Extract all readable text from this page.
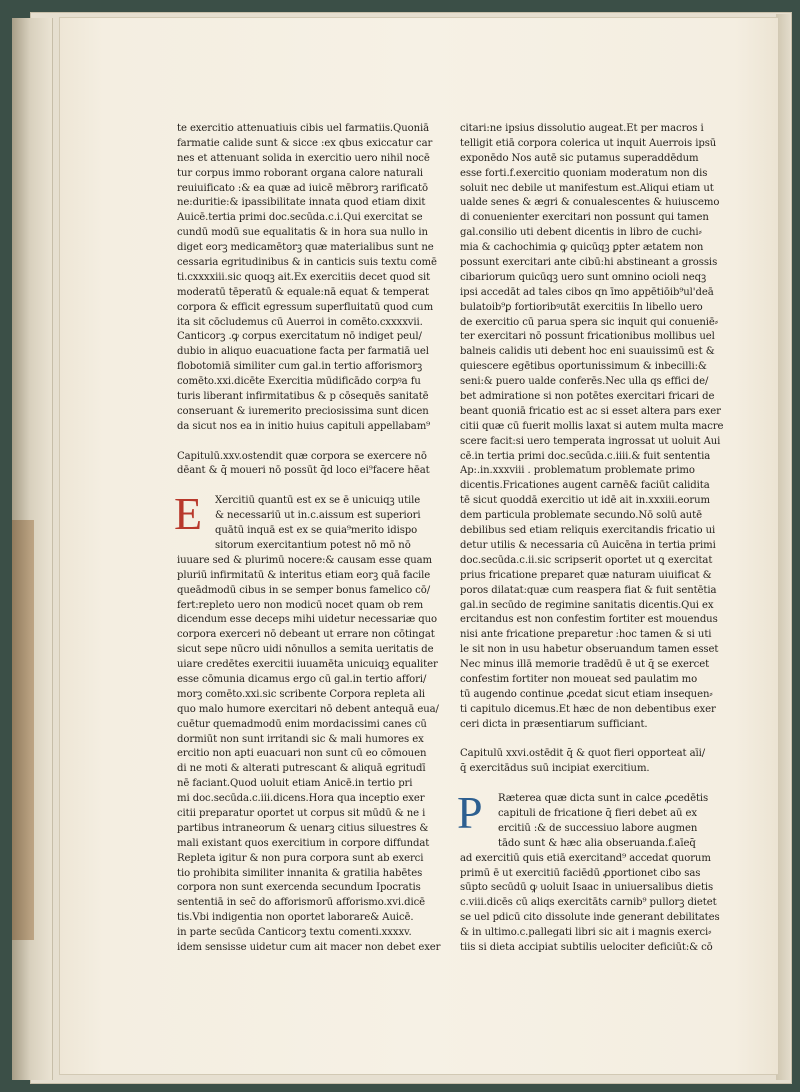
te exercitio attenuatiuis cibis uel farmatiis.Quoniā
farmatie calide sunt & sicce :ex qbus exiccatur car
nes et attenuant̄ solida in exercitio uero nihil nocē
tur corpus immo roborant̄ organa calore naturali
reuiuificato :& ea quæ ad iuicē mēbrorꝫ rarificatō
ne:duritie:& ipassibilitate innata quod etiam dixit
Auicē.tertia primi doc.secūda.c.i.Qui exercitat̄ se
cundū modū sue equalitatis & in hora sua nullo in
diget eorꝫ medicamētorꝫ quæ materialibus sunt ne
cessaria egritudinibus & in canticis suis textu comē
ti.cxxxxiii.sic quoqꝫ ait.Ex exercitiis decet quod sit
moderatū tēperatū & equale:nā equat & temperat
corpora & efficit egressum superfluitatū quod cum
ita sit cōcludemus cū Auerroi in comēto.cxxxxvii.
Canticorꝫ .ꝙ corpus exercitatum nō indiget peul/
dubio in aliquo euacuatione facta per farmatiā uel
flobotomiā similiter cum gal.in tertio afforismorꝫ
comēto.xxi.dicēte Exercitia mūdificādo corpꝰa fu
turis liberant infirmitatibus & p cōsequēs sanitatē
conseruant & iuremerito preciosissima sunt dicen
da sicut nos ea in initio huius capituli appellabam⁹
Capitulū.xxv.ostendit quæ corpora se exercere nō
dēant & q̄ moueri nō possūt q̄d loco ei⁹facere hēat
E	Xercitiū quantū est ex se ē unicuiqꝫ utile
& necessariū ut in.c.aissum est superiori
quātū inquā est ex se quia⁹merito idispo
sitorum exercitantium potest nō mō nō
iuuare sed & plurimū nocere:& causam esse quam
pluriū infirmitatū & interitus etiam eorꝫ quā facile
queādmodū cibus in se semper bonus famelico cō/
fert:repleto uero non modicū nocet quam ob rem
dicendum esse deceps mihi uidetur necessariæ quo
corpora exerceri nō debeant ut errare non cōtingat
sicut sepe nūcro uidi nōnullos a semita ueritatis de
uiare credētes exercitii iuuamēta unicuiqꝫ equaliter
esse cōmunia dicamus ergo cū gal.in tertio affori/
morꝫ comēto.xxi.sic scribente Corpora repleta ali
quo malo humore exercitari nō debent antequā eua/
cuētur quemadmodū enim mordacissimi canes cū
dormiūt non sunt irritandi sic & mali humores ex
ercitio non apti euacuari non sunt cū eo cōmouen
di ne moti & alterati putrescant & aliquā egritudī
nē faciant.Quod uoluit etiam Anicē.in tertio pri
mi doc.secūda.c.iii.dicens.Hora qua inceptio exer
citii preparatur oportet ut corpus sit mūdū & ne i
partibus intraneorum & uenarꝫ citius siluestres &
mali existant quos exercitium in corpore diffundat
Repleta igitur & non pura corpora sunt ab exerci
tio prohibita similiter innanita & gratilia habētes
corpora non sunt exercenda secundum Ipocratis
sententiā in sec̄ do afforismorū afforismo.xvi.dicē
tis.Vbi indigentia non oportet laborare& Auicē.
in parte secūda Canticorꝫ textu comenti.xxxxv.
idem sensisse uidetur cum ait macer non debet exer
citari:ne ipsius dissolutio augeat̄.Et per macros i
telligit etiā corpora colerica ut inquit Auerrois ipsū
exponēdo Nos autē sic putamus superaddēdum
esse forti.f.exercitio quoniam moderatum non dis
soluit nec debile ut manifestum est.Aliqui etiam ut
ualde senes & ægri & conualescentes & huiuscemo
di conuenienter exercitari non possunt qui tamen
gal.consilio uti debent dicentis in libro de cuchi⸗
mia & cachochimia ꝙ quicūqꝫ ꝑpter ætatem non
possunt exercitari ante cibū:hi abstineant a grossis
cibariorum quicūqꝫ uero sunt omnino ocioli neqꝫ
ipsi accedāt ad tales cibos qn īmo appētiōib⁹ul'deā
bulatoib⁹ꝑ fortioribꝰutāt̄ exercitiis In libello uero
de exercitio cū parua spera sic inquit qui conueniē⸗
ter exercitari nō possunt fricationibus mollibus uel
balneis calidis uti debent hoc eni suauissimū est &
quiescere egētibus oportunissimum & inbecilli:&
seni:& puero ualde conferēs.Nec ulla qs effici de/
bet admiratione si non potētes exercitari fricari de
beant quoniā fricatio est ac si esset altera pars exer
citii quæ cū fuerit mollis laxat si autem multa macre
scere facit:si uero temperata ingrossat ut uoluit Aui
cē.in tertia primi doc.secūda.c.iiii.& fuit sententia
Ap:.in.xxxviii . problematum problemate primo
dicentis.Fricationes augent carnē& faciūt calidita
tē sicut quoddā exercitio ut idē ait in.xxxiii.eorum
dem particula problemate secundo.Nō solū autē
debilibus sed etiam reliquis exercitandis fricatio ui
detur utilis & necessaria cū Auicēna in tertia primi
doc.secūda.c.ii.sic scripserit oportet ut ꝗ exercitat̄
prius fricatione preparet̄ quæ naturam uiuificat &
poros dilatat:quæ cum reaspera fiat & fuit sentētia
gal.in secūdo de regimine sanitatis dicentis.Qui ex
ercitandus est non confestim fortiter est mouendus
nisi ante fricatione preparetur :hoc tamen & si uti
le sit non in usu habetur obseruandum tamen esset
Nec minus illā memorie tradēdū ē ut q̄ se exercet
confestim fortiter non moueat̄ sed paulatim mo
tū augendo continue ꝓcedat sicut etiam insequen⸗
ti capitulo dicemus.Et hæc de non debentibus exer
ceri dicta in præsentiarum sufficiant.
Capitulū xxvi.ostēdit q̄ & quot fieri opporteat aīi/
q̄ exercitādus suū incipiat exercitium.
P	Ræterea quæ dicta sunt in calce ꝓcedētis
capituli de fricatione q̄ fieri debet aū ex
ercitiū :& de successiuo labore augmen
tādo sunt & hæc alia obseruanda.f.aīeq̄
ad exercitiū quis etiā exercitand⁹ accedat quorum
primū ē ut exercitiū faciēdū ꝓportionet̄ cibo sas
sūpto secūdū ꝙ uoluit Isaac in uniuersalibus dietis
c.viii.dicēs cū aliqs exercitāts carnib⁹ pullorꝫ dietet
se uel pdicū cito dissolute inde generant̄ debilitates
& in ultimo.c.pallegati libri sic ait i magnis exerci⸗
tiis si dieta accipiat̄ subtilis uelociter deficiūt:& cō
